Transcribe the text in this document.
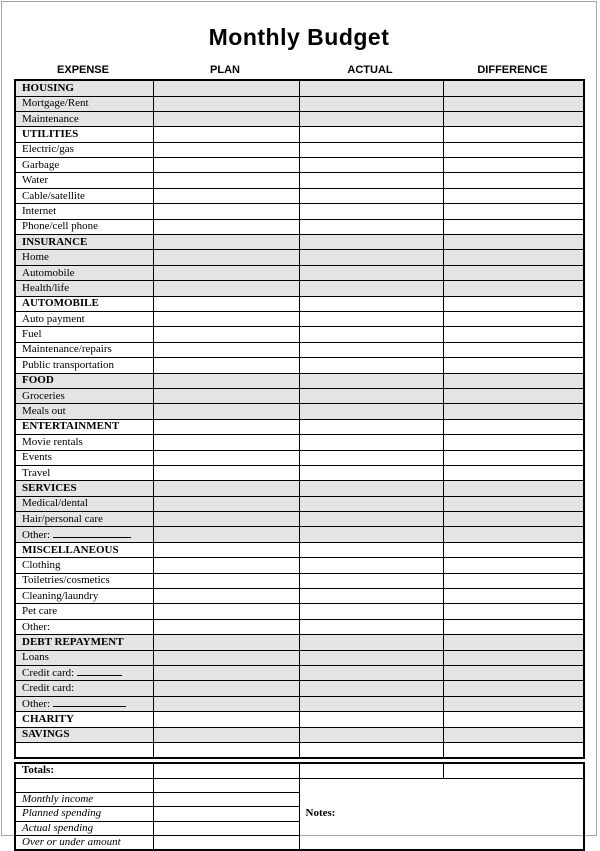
Monthly Budget
EXPENSE	PLAN	ACTUAL	DIFFERENCE
HOUSING			
Mortgage/Rent			
Maintenance			
UTILITIES			
Electric/gas			
Garbage			
Water			
Cable/satellite			
Internet			
Phone/cell phone			
INSURANCE			
Home			
Automobile			
Health/life			
AUTOMOBILE			
Auto payment			
Fuel			
Maintenance/repairs			
Public transportation			
FOOD			
Groceries			
Meals out			
ENTERTAINMENT			
Movie rentals			
Events			
Travel			
SERVICES			
Medical/dental			
Hair/personal care			
Other:			
MISCELLANEOUS			
Clothing			
Toiletries/cosmetics			
Cleaning/laundry			
Pet care			
Other:			
DEBT REPAYMENT			
Loans			
Credit card:			
Credit card:			
Other:			
CHARITY			
SAVINGS			

Totals:			
		Notes:	
Monthly income			
Planned spending			
Actual spending			
Over or under amount			
